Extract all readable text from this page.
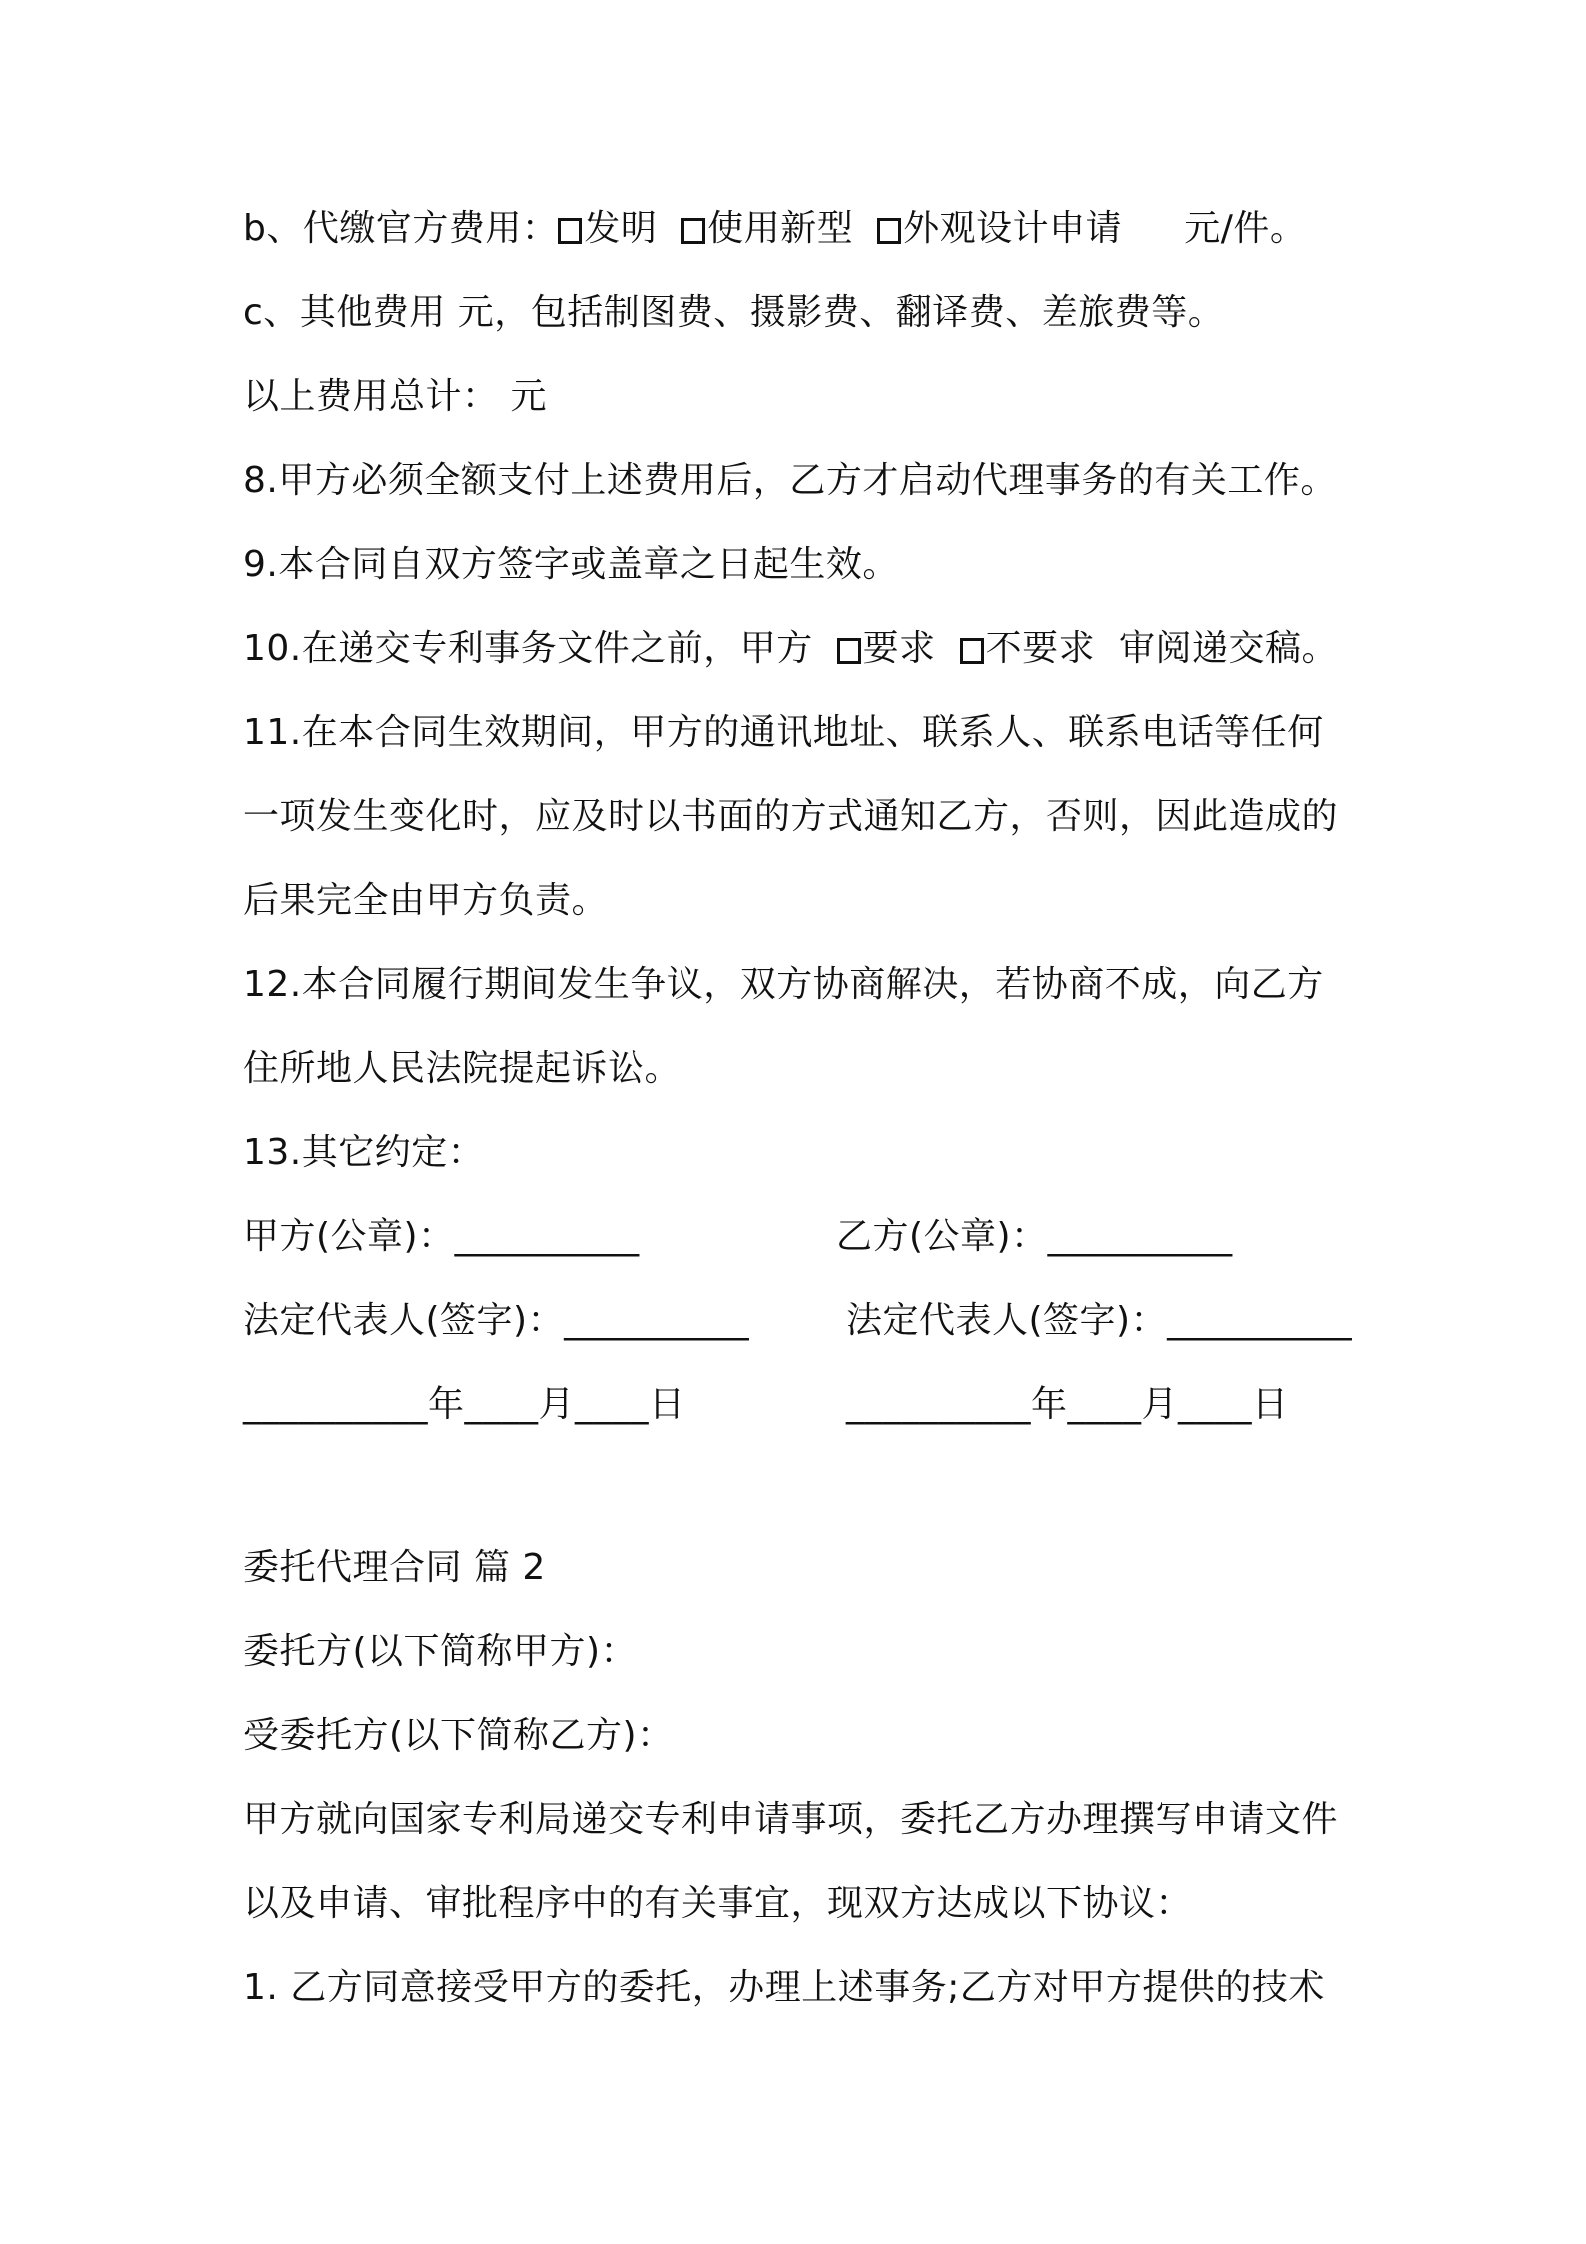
b、代缴官方费用： 发明 使用新型 外观设计申请 元/件。
c、其他费用 元，包括制图费、摄影费、翻译费、差旅费等。
以上费用总计： 元
8.甲方必须全额支付上述费用后，乙方才启动代理事务的有关工作。
9.本合同自双方签字或盖章之日起生效。
10.在递交专利事务文件之前，甲方 要求 不要求 审阅递交稿。
11.在本合同生效期间，甲方的通讯地址、联系人、联系电话等任何
一项发生变化时，应及时以书面的方式通知乙方，否则，因此造成的
后果完全由甲方负责。
12.本合同履行期间发生争议，双方协商解决，若协商不成，向乙方
住所地人民法院提起诉讼。
13.其它约定：
甲方(公章)：__________	乙方(公章)：__________
法定代表人(签字)：__________	法定代表人(签字)：__________
__________年____月____日	__________年____月____日
委托代理合同 篇 2
委托方(以下简称甲方)：
受委托方(以下简称乙方)：
甲方就向国家专利局递交专利申请事项，委托乙方办理撰写申请文件
以及申请、审批程序中的有关事宜，现双方达成以下协议：
1. 乙方同意接受甲方的委托，办理上述事务;乙方对甲方提供的技术
